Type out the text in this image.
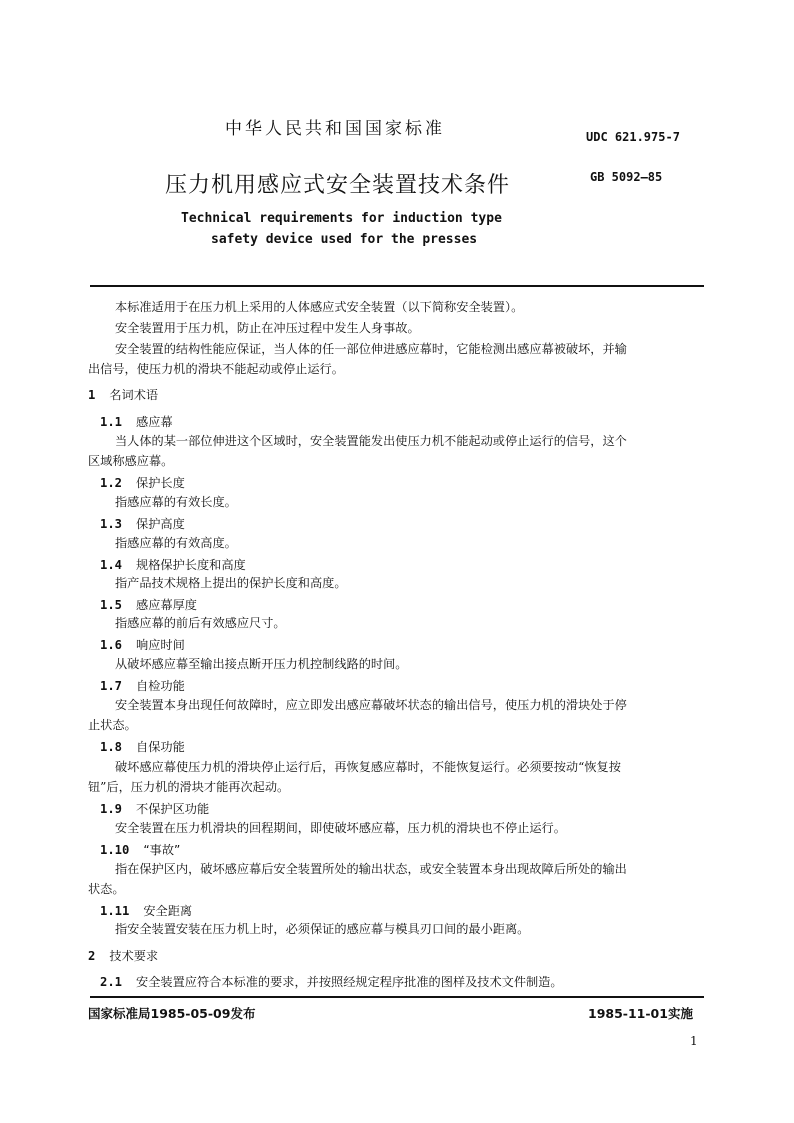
中华人民共和国国家标准	UDC 621.975-7
压力机用感应式安全装置技术条件	GB 5092—85
Technical requirements for induction type
safety device used for the presses
本标准适用于在压力机上采用的人体感应式安全装置（以下简称安全装置）。
安全装置用于压力机，防止在冲压过程中发生人身事故。
安全装置的结构性能应保证，当人体的任一部位伸进感应幕时，它能检测出感应幕被破坏，并输
出信号，使压力机的滑块不能起动或停止运行。
1 名词术语
1.1 感应幕
当人体的某一部位伸进这个区域时，安全装置能发出使压力机不能起动或停止运行的信号，这个
区域称感应幕。
1.2 保护长度
指感应幕的有效长度。
1.3 保护高度
指感应幕的有效高度。
1.4 规格保护长度和高度
指产品技术规格上提出的保护长度和高度。
1.5 感应幕厚度
指感应幕的前后有效感应尺寸。
1.6 响应时间
从破坏感应幕至输出接点断开压力机控制线路的时间。
1.7 自检功能
安全装置本身出现任何故障时，应立即发出感应幕破坏状态的输出信号，使压力机的滑块处于停
止状态。
1.8 自保功能
破坏感应幕使压力机的滑块停止运行后，再恢复感应幕时，不能恢复运行。必须要按动“恢复按
钮”后，压力机的滑块才能再次起动。
1.9 不保护区功能
安全装置在压力机滑块的回程期间，即使破坏感应幕，压力机的滑块也不停止运行。
1.10 “事故”
指在保护区内，破坏感应幕后安全装置所处的输出状态，或安全装置本身出现故障后所处的输出
状态。
1.11 安全距离
指安全装置安装在压力机上时，必须保证的感应幕与模具刃口间的最小距离。
2 技术要求
2.1 安全装置应符合本标准的要求，并按照经规定程序批准的图样及技术文件制造。
国家标准局1985-05-09发布	1985-11-01实施
1
